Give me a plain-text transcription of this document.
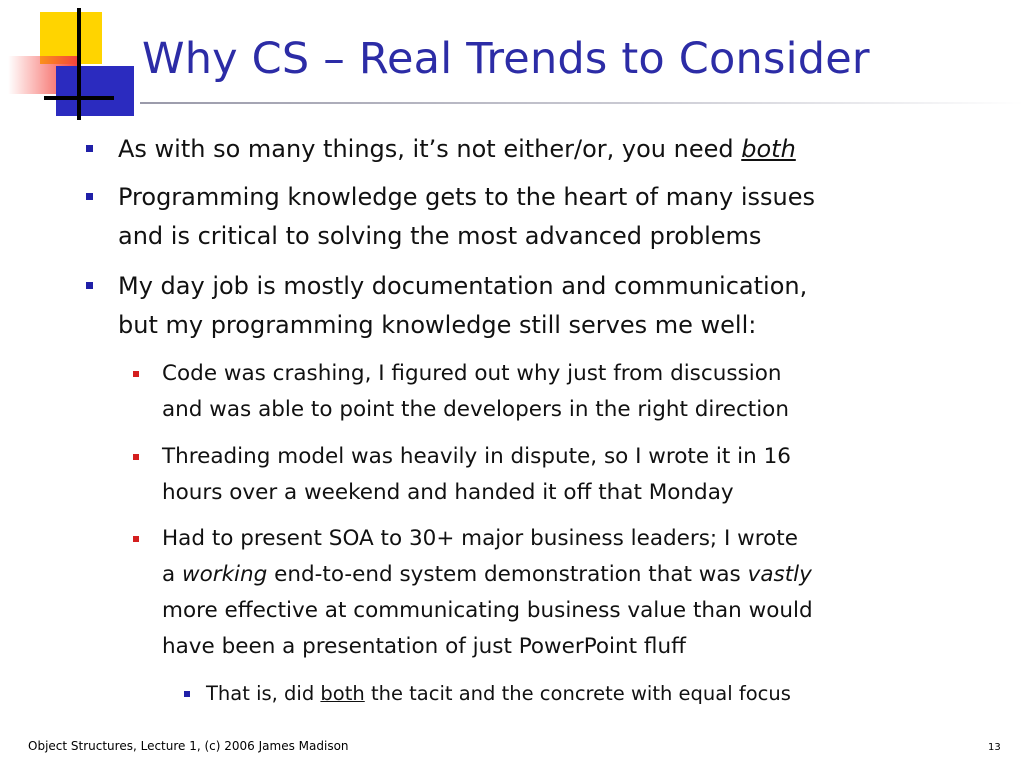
Why CS – Real Trends to Consider
As with so many things, it’s not either/or, you need both
Programming knowledge gets to the heart of many issues
and is critical to solving the most advanced problems
My day job is mostly documentation and communication,
but my programming knowledge still serves me well:
Code was crashing, I figured out why just from discussion
and was able to point the developers in the right direction
Threading model was heavily in dispute, so I wrote it in 16
hours over a weekend and handed it off that Monday
Had to present SOA to 30+ major business leaders; I wrote
a working end-to-end system demonstration that was vastly
more effective at communicating business value than would
have been a presentation of just PowerPoint fluff
That is, did both the tacit and the concrete with equal focus
Object Structures, Lecture 1, (c) 2006 James Madison	13
